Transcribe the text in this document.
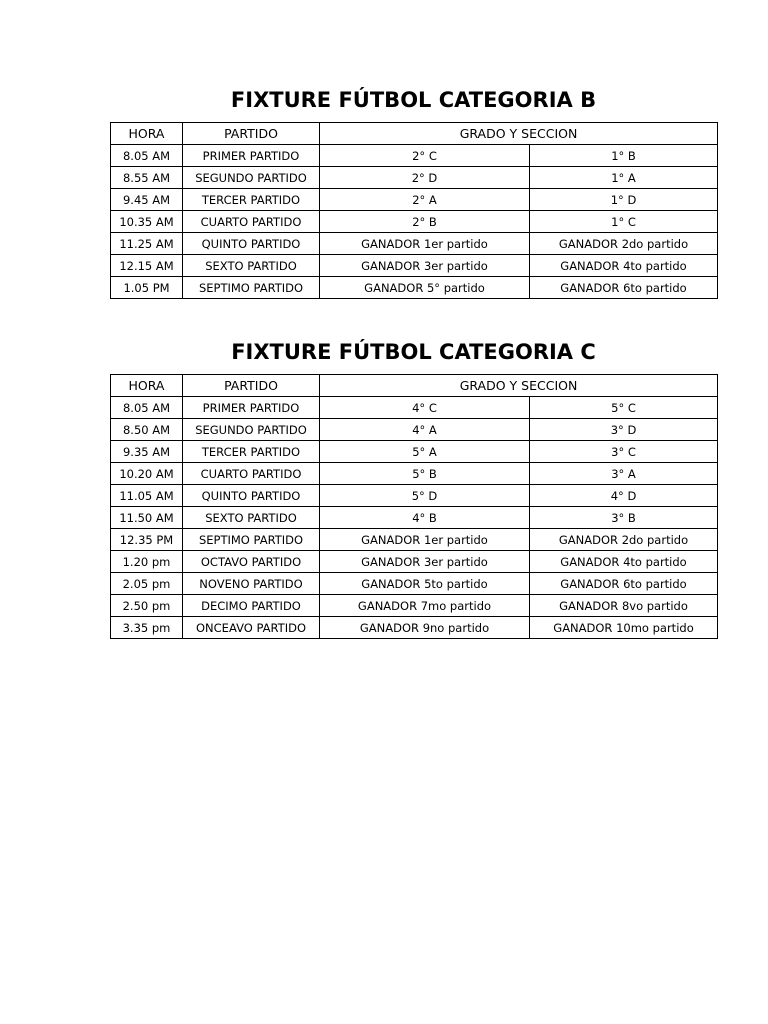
FIXTURE FÚTBOL CATEGORIA B
HORA	PARTIDO	GRADO Y SECCION	
8.05 AM	PRIMER PARTIDO	2° C	1° B
8.55 AM	SEGUNDO PARTIDO	2° D	1° A
9.45 AM	TERCER PARTIDO	2° A	1° D
10.35 AM	CUARTO PARTIDO	2° B	1° C
11.25 AM	QUINTO PARTIDO	GANADOR 1er partido	GANADOR 2do partido
12.15 AM	SEXTO PARTIDO	GANADOR 3er partido	GANADOR 4to partido
1.05 PM	SEPTIMO PARTIDO	GANADOR 5° partido	GANADOR 6to partido
FIXTURE FÚTBOL CATEGORIA C
HORA	PARTIDO	GRADO Y SECCION	
8.05 AM	PRIMER PARTIDO	4° C	5° C
8.50 AM	SEGUNDO PARTIDO	4° A	3° D
9.35 AM	TERCER PARTIDO	5° A	3° C
10.20 AM	CUARTO PARTIDO	5° B	3° A
11.05 AM	QUINTO PARTIDO	5° D	4° D
11.50 AM	SEXTO PARTIDO	4° B	3° B
12.35 PM	SEPTIMO PARTIDO	GANADOR 1er partido	GANADOR 2do partido
1.20 pm	OCTAVO PARTIDO	GANADOR 3er partido	GANADOR 4to partido
2.05 pm	NOVENO PARTIDO	GANADOR 5to partido	GANADOR 6to partido
2.50 pm	DECIMO PARTIDO	GANADOR 7mo partido	GANADOR 8vo partido
3.35 pm	ONCEAVO PARTIDO	GANADOR 9no partido	GANADOR 10mo partido
